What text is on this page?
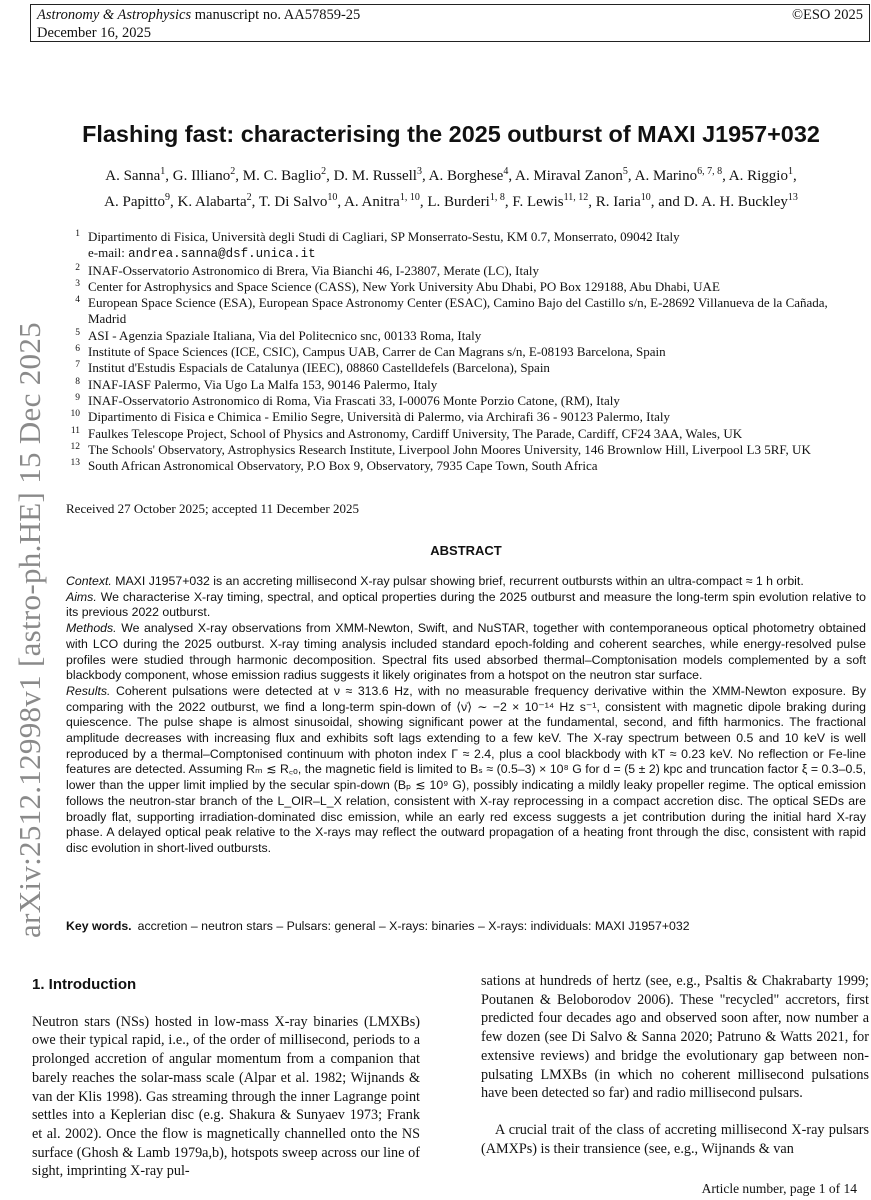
Astronomy & Astrophysics manuscript no. AA57859-25
December 16, 2025
©ESO 2025
arXiv:2512.12998v1 [astro-ph.HE] 15 Dec 2025
Flashing fast: characterising the 2025 outburst of MAXI J1957+032
A. Sanna$^1$, G. Illiano$^2$, M. C. Baglio$^2$, D. M. Russell$^3$, A. Borghese$^4$, A. Miraval Zanon$^5$, A. Marino$^{6, 7, 8}$, A. Riggio$^1$,
A. Papitto$^9$, K. Alabarta$^2$, T. Di Salvo$^{10}$, A. Anitra$^{1, 10}$, L. Burderi$^{1, 8}$, F. Lewis$^{11, 12}$, R. Iaria$^{10}$, and D. A. H. Buckley$^{13}$
1 Dipartimento di Fisica, Università degli Studi di Cagliari, SP Monserrato-Sestu, KM 0.7, Monserrato, 09042 Italy
e-mail: andrea.sanna@dsf.unica.it
2 INAF-Osservatorio Astronomico di Brera, Via Bianchi 46, I-23807, Merate (LC), Italy
3 Center for Astrophysics and Space Science (CASS), New York University Abu Dhabi, PO Box 129188, Abu Dhabi, UAE
4 European Space Science (ESA), European Space Astronomy Center (ESAC), Camino Bajo del Castillo s/n, E-28692 Villanueva de la Cañada, Madrid
5 ASI - Agenzia Spaziale Italiana, Via del Politecnico snc, 00133 Roma, Italy
6 Institute of Space Sciences (ICE, CSIC), Campus UAB, Carrer de Can Magrans s/n, E-08193 Barcelona, Spain
7 Institut d'Estudis Espacials de Catalunya (IEEC), 08860 Castelldefels (Barcelona), Spain
8 INAF-IASF Palermo, Via Ugo La Malfa 153, 90146 Palermo, Italy
9 INAF-Osservatorio Astronomico di Roma, Via Frascati 33, I-00076 Monte Porzio Catone, (RM), Italy
10 Dipartimento di Fisica e Chimica - Emilio Segre, Università di Palermo, via Archirafi 36 - 90123 Palermo, Italy
11 Faulkes Telescope Project, School of Physics and Astronomy, Cardiff University, The Parade, Cardiff, CF24 3AA, Wales, UK
12 The Schools' Observatory, Astrophysics Research Institute, Liverpool John Moores University, 146 Brownlow Hill, Liverpool L3 5RF, UK
13 South African Astronomical Observatory, P.O Box 9, Observatory, 7935 Cape Town, South Africa
Received 27 October 2025; accepted 11 December 2025
ABSTRACT

Context. MAXI J1957+032 is an accreting millisecond X-ray pulsar showing brief, recurrent outbursts within an ultra-compact ≈ 1 h orbit.

Aims. We characterise X-ray timing, spectral, and optical properties during the 2025 outburst and measure the long-term spin evolution relative to its previous 2022 outburst.

Methods. We analysed X-ray observations from XMM-Newton, Swift, and NuSTAR, together with contemporaneous optical photometry obtained with LCO during the 2025 outburst. X-ray timing analysis included standard epoch-folding and coherent searches, while energy-resolved pulse profiles were studied through harmonic decomposition. Spectral fits used absorbed thermal–Comptonisation models complemented by a soft blackbody component, whose emission radius suggests it likely originates from a hotspot on the neutron star surface.

Results. Coherent pulsations were detected at ν ≈ 313.6 Hz, with no measurable frequency derivative within the XMM-Newton exposure. By comparing with the 2022 outburst, we find a long-term spin-down of ⟨ν̇⟩ ∼ −2 × 10⁻¹⁴ Hz s⁻¹, consistent with magnetic dipole braking during quiescence. The pulse shape is almost sinusoidal, showing significant power at the fundamental, second, and fifth harmonics. The fractional amplitude decreases with increasing flux and exhibits soft lags extending to a few keV. The X-ray spectrum between 0.5 and 10 keV is well reproduced by a thermal–Comptonised continuum with photon index Γ ≈ 2.4, plus a cool blackbody with kT ≈ 0.23 keV. No reflection or Fe-line features are detected. Assuming Rₘ ≲ R꜀ₒ, the magnetic field is limited to Bₛ ≈ (0.5–3) × 10⁸ G for d = (5 ± 2) kpc and truncation factor ξ = 0.3–0.5, lower than the upper limit implied by the secular spin-down (Bₚ ≲ 10⁹ G), possibly indicating a mildly leaky propeller regime. The optical emission follows the neutron-star branch of the L_OIR–L_X relation, consistent with X-ray reprocessing in a compact accretion disc. The optical SEDs are broadly flat, supporting irradiation-dominated disc emission, while an early red excess suggests a jet contribution during the initial hard X-ray phase. A delayed optical peak relative to the X-rays may reflect the outward propagation of a heating front through the disc, consistent with rapid disc evolution in short-lived outbursts.

Key words. accretion – neutron stars – Pulsars: general – X-rays: binaries – X-rays: individuals: MAXI J1957+032
1. Introduction

Neutron stars (NSs) hosted in low-mass X-ray binaries (LMXBs) owe their typical rapid, i.e., of the order of millisecond, periods to a prolonged accretion of angular momentum from a companion that barely reaches the solar-mass scale (Alpar et al. 1982; Wijnands & van der Klis 1998). Gas streaming through the inner Lagrange point settles into a Keplerian disc (e.g. Shakura & Sunyaev 1973; Frank et al. 2002). Once the flow is magnetically channelled onto the NS surface (Ghosh & Lamb 1979a,b), hotspots sweep across our line of sight, imprinting X-ray pul-

sations at hundreds of hertz (see, e.g., Psaltis & Chakrabarty 1999; Poutanen & Beloborodov 2006). These "recycled" accretors, first predicted four decades ago and observed soon after, now number a few dozen (see Di Salvo & Sanna 2020; Patruno & Watts 2021, for extensive reviews) and bridge the evolutionary gap between non-pulsating LMXBs (in which no coherent millisecond pulsations have been detected so far) and radio millisecond pulsars.

A crucial trait of the class of accreting millisecond X-ray pulsars (AMXPs) is their transience (see, e.g., Wijnands & van

Article number, page 1 of 14
